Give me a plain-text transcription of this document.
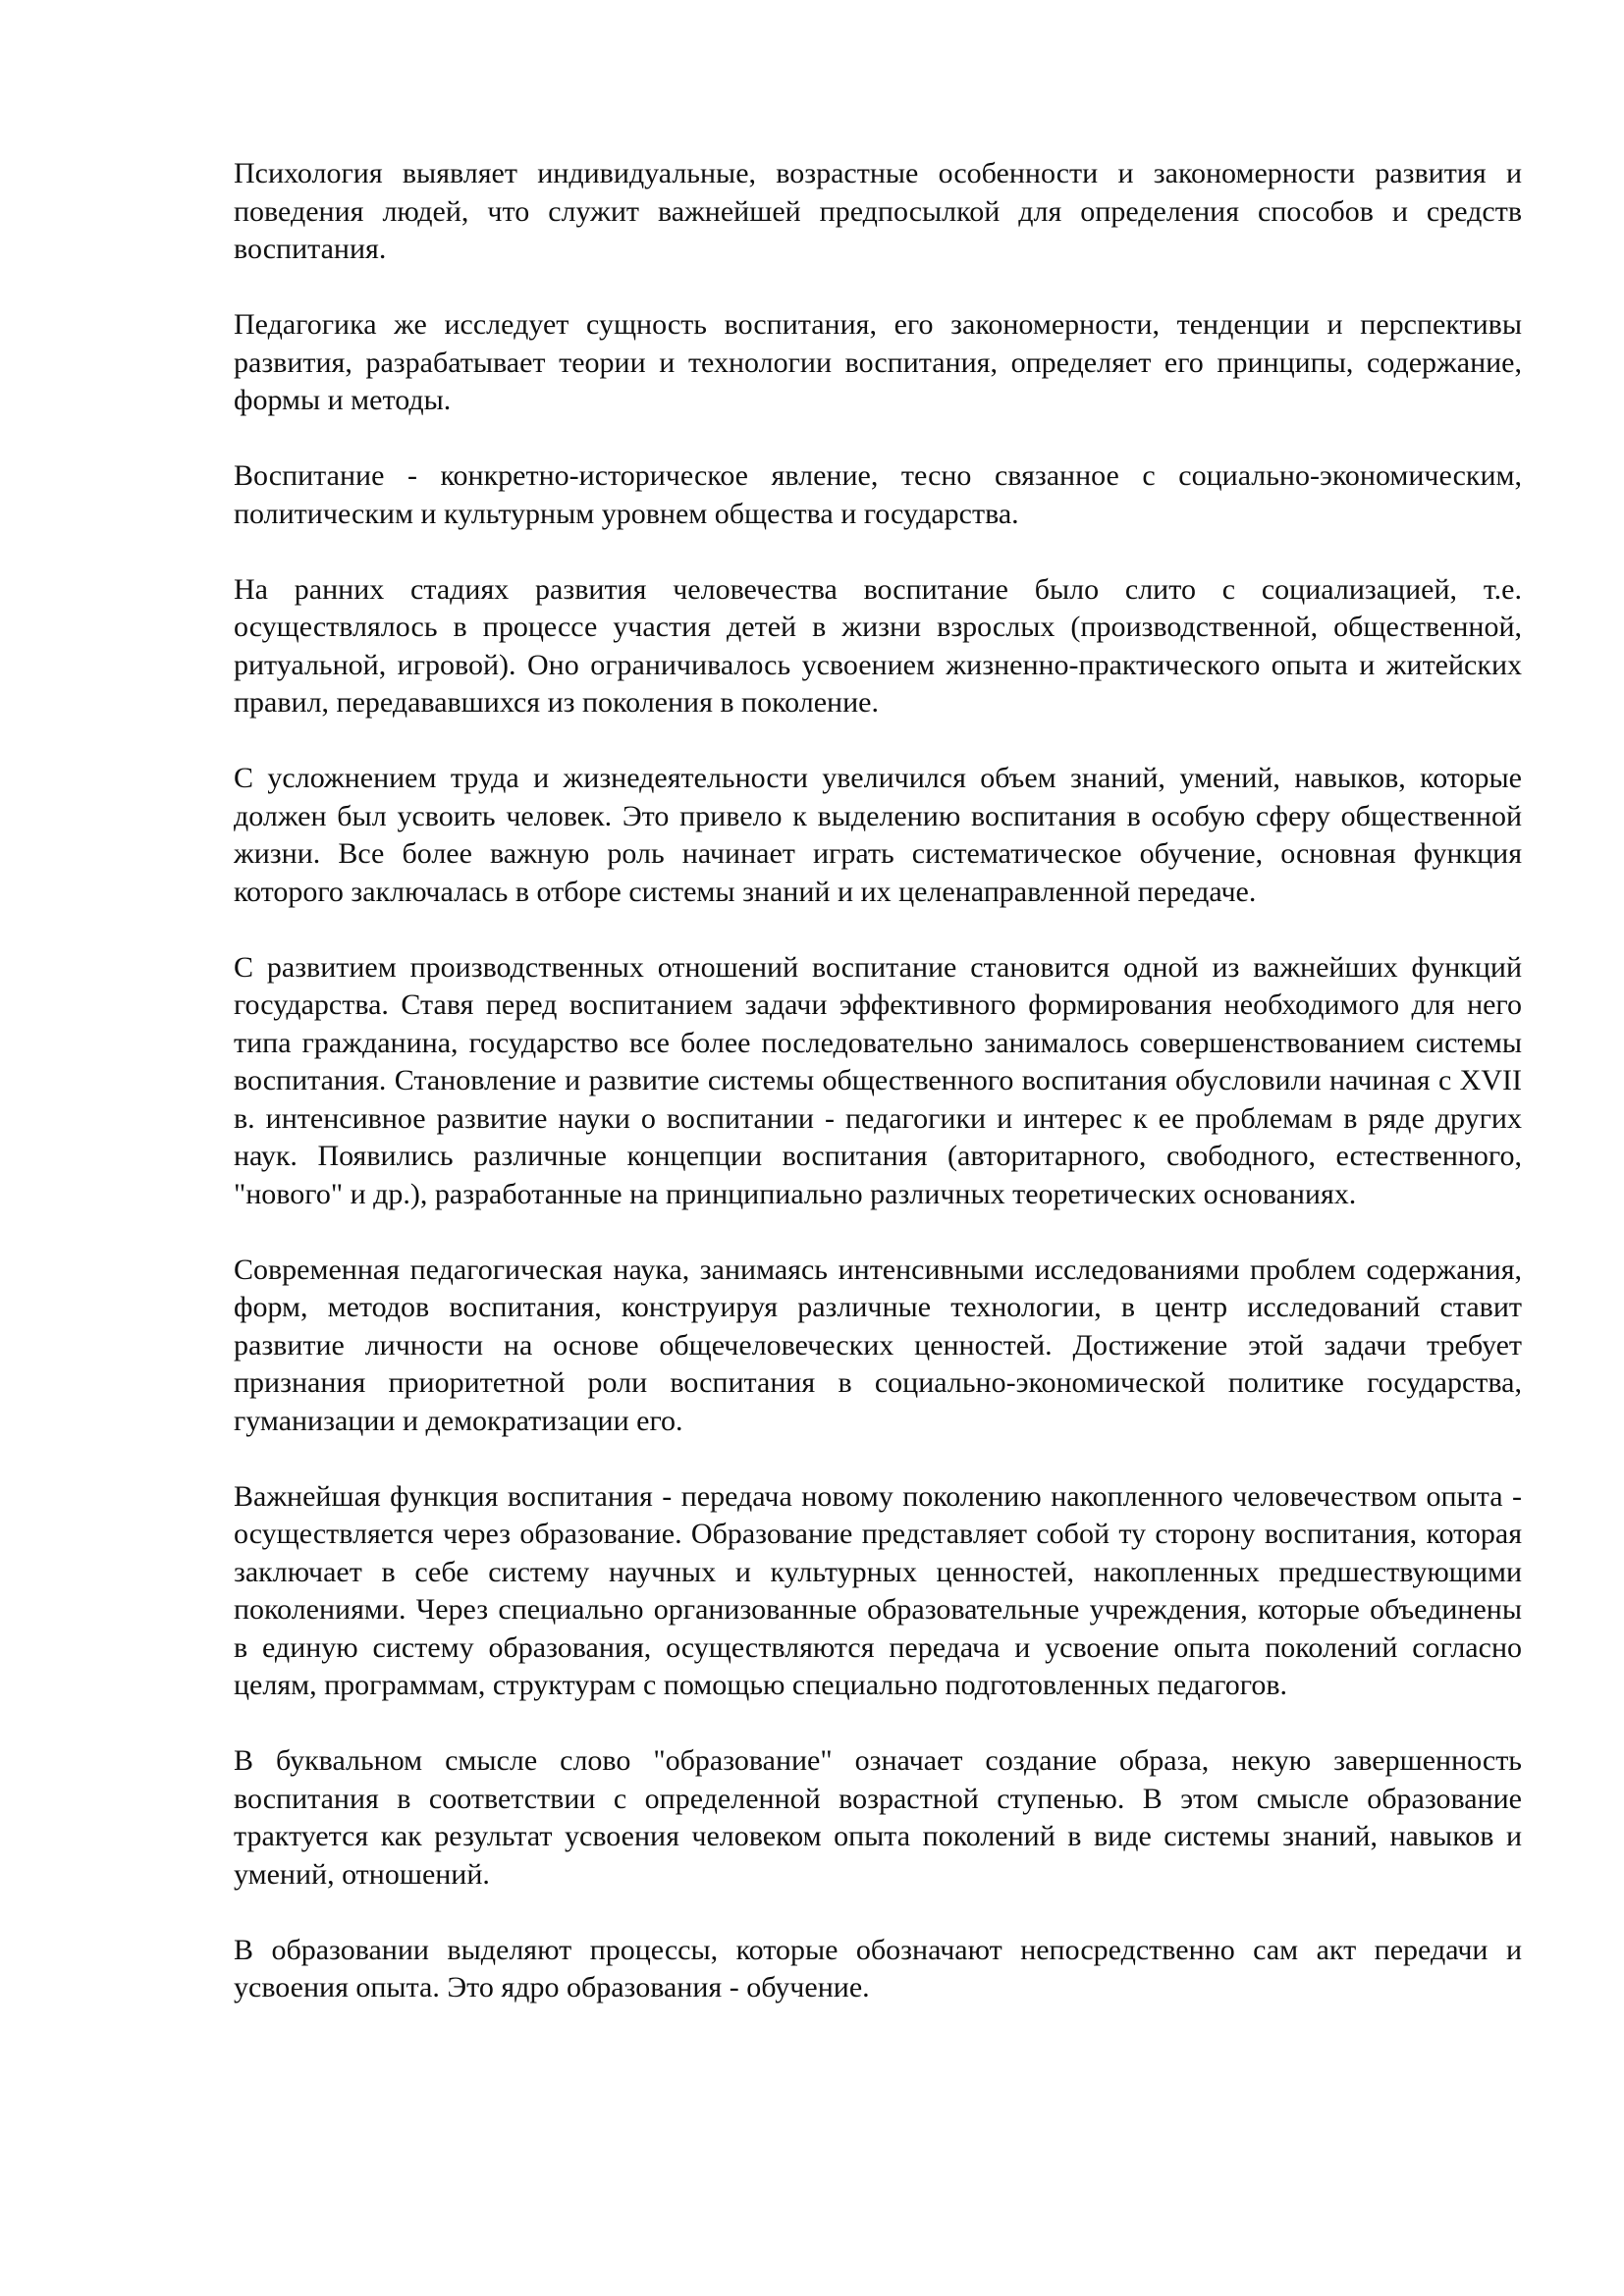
Психология выявляет индивидуальные, возрастные особенности и закономерности развития и поведения людей, что служит важнейшей предпосылкой для определения способов и средств воспитания.

Педагогика же исследует сущность воспитания, его закономерности, тенденции и перспективы развития, разрабатывает теории и технологии воспитания, определяет его принципы, содержание, формы и методы.

Воспитание - конкретно-историческое явление, тесно связанное с социально-экономическим, политическим и культурным уровнем общества и государства.

На ранних стадиях развития человечества воспитание было слито с социализацией, т.е. осуществлялось в процессе участия детей в жизни взрослых (производственной, общественной, ритуальной, игровой). Оно ограничивалось усвоением жизненно-практического опыта и житейских правил, передававшихся из поколения в поколение.

С усложнением труда и жизнедеятельности увеличился объем знаний, умений, навыков, которые должен был усвоить человек. Это привело к выделению воспитания в особую сферу общественной жизни. Все более важную роль начинает играть систематическое обучение, основная функция которого заключалась в отборе системы знаний и их целенаправленной передаче.

С развитием производственных отношений воспитание становится одной из важнейших функций государства. Ставя перед воспитанием задачи эффективного формирования необходимого для него типа гражданина, государство все более последовательно занималось совершенствованием системы воспитания. Становление и развитие системы общественного воспитания обусловили начиная с XVII в. интенсивное развитие науки о воспитании - педагогики и интерес к ее проблемам в ряде других наук. Появились различные концепции воспитания (авторитарного, свободного, естественного, "нового" и др.), разработанные на принципиально различных теоретических основаниях.

Современная педагогическая наука, занимаясь интенсивными исследованиями проблем содержания, форм, методов воспитания, конструируя различные технологии, в центр исследований ставит развитие личности на основе общечеловеческих ценностей. Достижение этой задачи требует признания приоритетной роли воспитания в социально-экономической политике государства, гуманизации и демократизации его.

Важнейшая функция воспитания - передача новому поколению накопленного человечеством опыта - осуществляется через образование. Образование представляет собой ту сторону воспитания, которая заключает в себе систему научных и культурных ценностей, накопленных предшествующими поколениями. Через специально организованные образовательные учреждения, которые объединены в единую систему образования, осуществляются передача и усвоение опыта поколений согласно целям, программам, структурам с помощью специально подготовленных педагогов.

В буквальном смысле слово "образование" означает создание образа, некую завершенность воспитания в соответствии с определенной возрастной ступенью. В этом смысле образование трактуется как результат усвоения человеком опыта поколений в виде системы знаний, навыков и умений, отношений.

В образовании выделяют процессы, которые обозначают непосредственно сам акт передачи и усвоения опыта. Это ядро образования - обучение.
